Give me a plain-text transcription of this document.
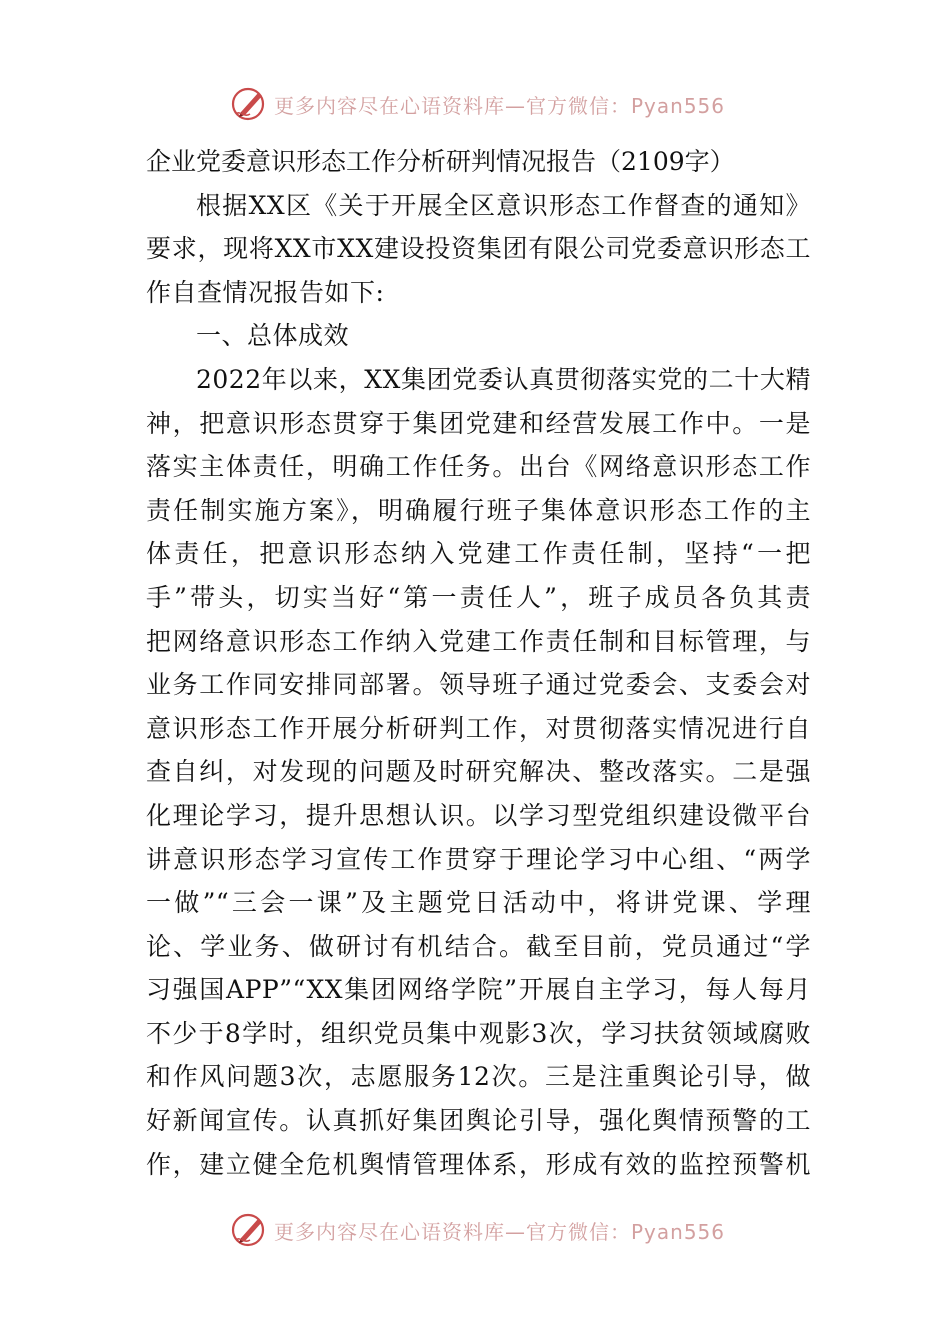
更多内容尽在心语资料库—官方微信：Pyan556
企业党委意识形态工作分析研判情况报告（2109字）
根据XX区《关于开展全区意识形态工作督查的通知》
要求，现将XX市XX建设投资集团有限公司党委意识形态工
作自查情况报告如下:
一、总体成效
2022年以来，XX集团党委认真贯彻落实党的二十大精
神，把意识形态贯穿于集团党建和经营发展工作中。一是
落实主体责任，明确工作任务。出台《网络意识形态工作
责任制实施方案》，明确履行班子集体意识形态工作的主
体责任，把意识形态纳入党建工作责任制，坚持“一把
手”带头，切实当好“第一责任人”，班子成员各负其责
把网络意识形态工作纳入党建工作责任制和目标管理，与
业务工作同安排同部署。领导班子通过党委会、支委会对
意识形态工作开展分析研判工作，对贯彻落实情况进行自
查自纠，对发现的问题及时研究解决、整改落实。二是强
化理论学习，提升思想认识。以学习型党组织建设微平台
讲意识形态学习宣传工作贯穿于理论学习中心组、“两学
一做”“三会一课”及主题党日活动中，将讲党课、学理
论、学业务、做研讨有机结合。截至目前，党员通过“学
习强国APP”“XX集团网络学院”开展自主学习，每人每月
不少于8学时，组织党员集中观影3次，学习扶贫领域腐败
和作风问题3次，志愿服务12次。三是注重舆论引导，做
好新闻宣传。认真抓好集团舆论引导，强化舆情预警的工
作，建立健全危机舆情管理体系，形成有效的监控预警机
更多内容尽在心语资料库—官方微信：Pyan556
